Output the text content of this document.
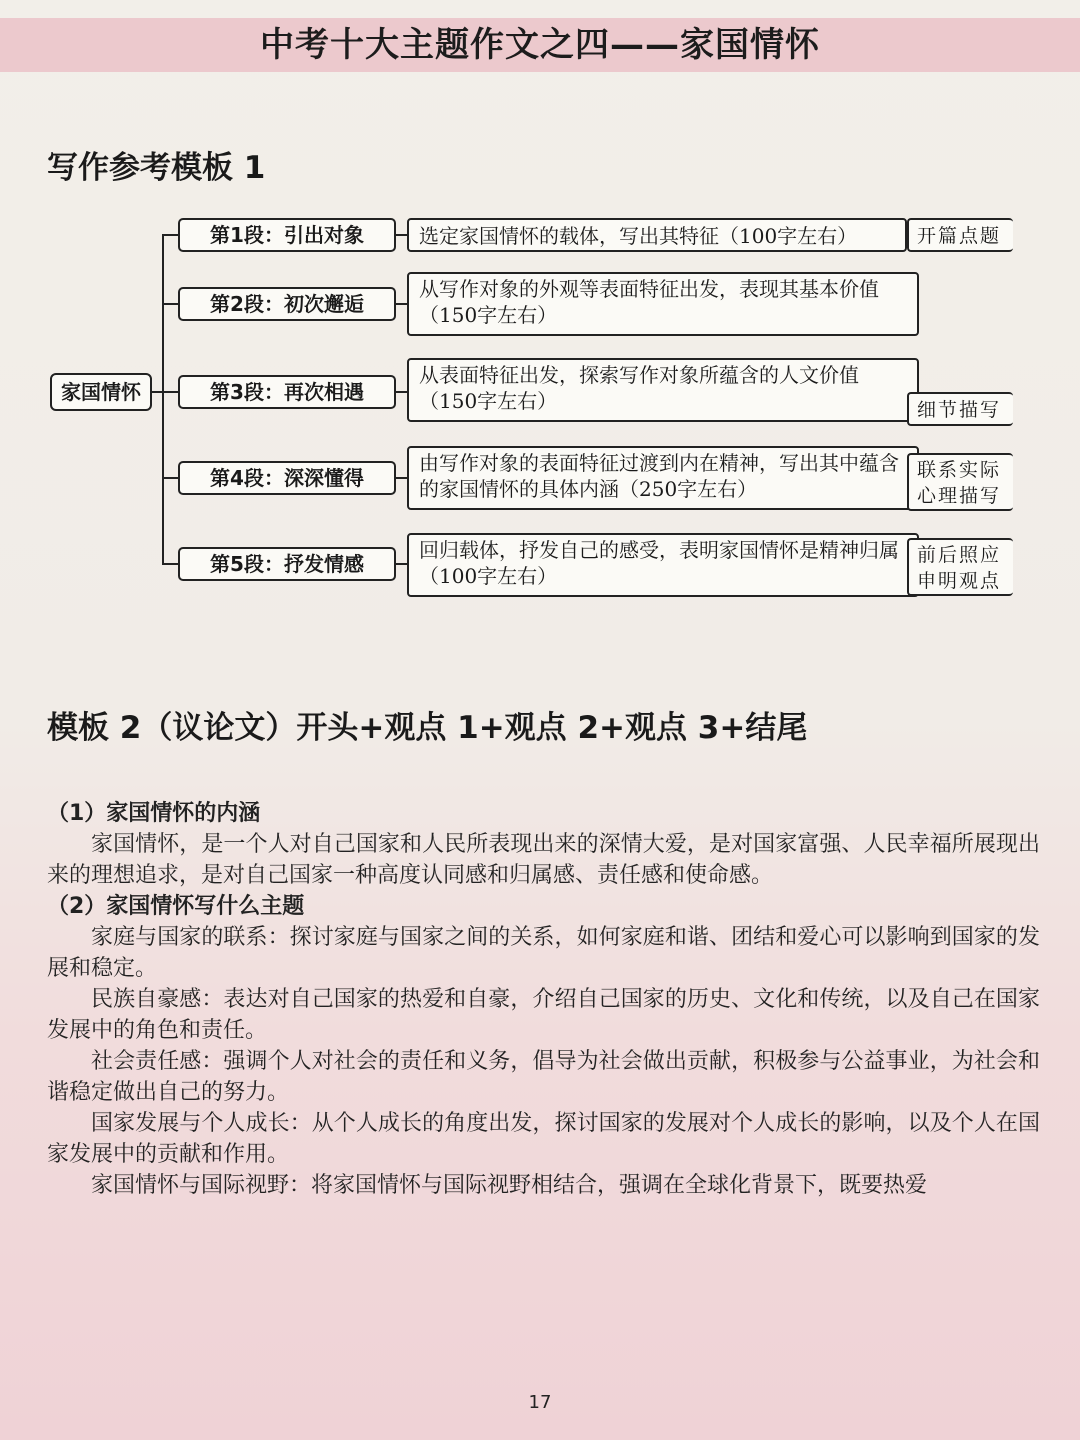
中考十大主题作文之四——家国情怀
写作参考模板 1
家国情怀
第1段：引出对象
第2段：初次邂逅
第3段：再次相遇
第4段：深深懂得
第5段：抒发情感
选定家国情怀的载体，写出其特征（100字左右）
从写作对象的外观等表面特征出发，表现其基本价值（150字左右）
从表面特征出发，探索写作对象所蕴含的人文价值（150字左右）
由写作对象的表面特征过渡到内在精神，写出其中蕴含的家国情怀的具体内涵（250字左右）
回归载体，抒发自己的感受，表明家国情怀是精神归属（100字左右）
开篇点题
细节描写
联系实际心理描写
前后照应申明观点
模板 2（议论文）开头+观点 1+观点 2+观点 3+结尾
（1）家国情怀的内涵

家国情怀，是一个人对自己国家和人民所表现出来的深情大爱，是对国家富强、人民幸福所展现出来的理想追求，是对自己国家一种高度认同感和归属感、责任感和使命感。

（2）家国情怀写什么主题

家庭与国家的联系：探讨家庭与国家之间的关系，如何家庭和谐、团结和爱心可以影响到国家的发展和稳定。

民族自豪感：表达对自己国家的热爱和自豪，介绍自己国家的历史、文化和传统，以及自己在国家发展中的角色和责任。

社会责任感：强调个人对社会的责任和义务，倡导为社会做出贡献，积极参与公益事业，为社会和谐稳定做出自己的努力。

国家发展与个人成长：从个人成长的角度出发，探讨国家的发展对个人成长的影响，以及个人在国家发展中的贡献和作用。

家国情怀与国际视野：将家国情怀与国际视野相结合，强调在全球化背景下，既要热爱

17
